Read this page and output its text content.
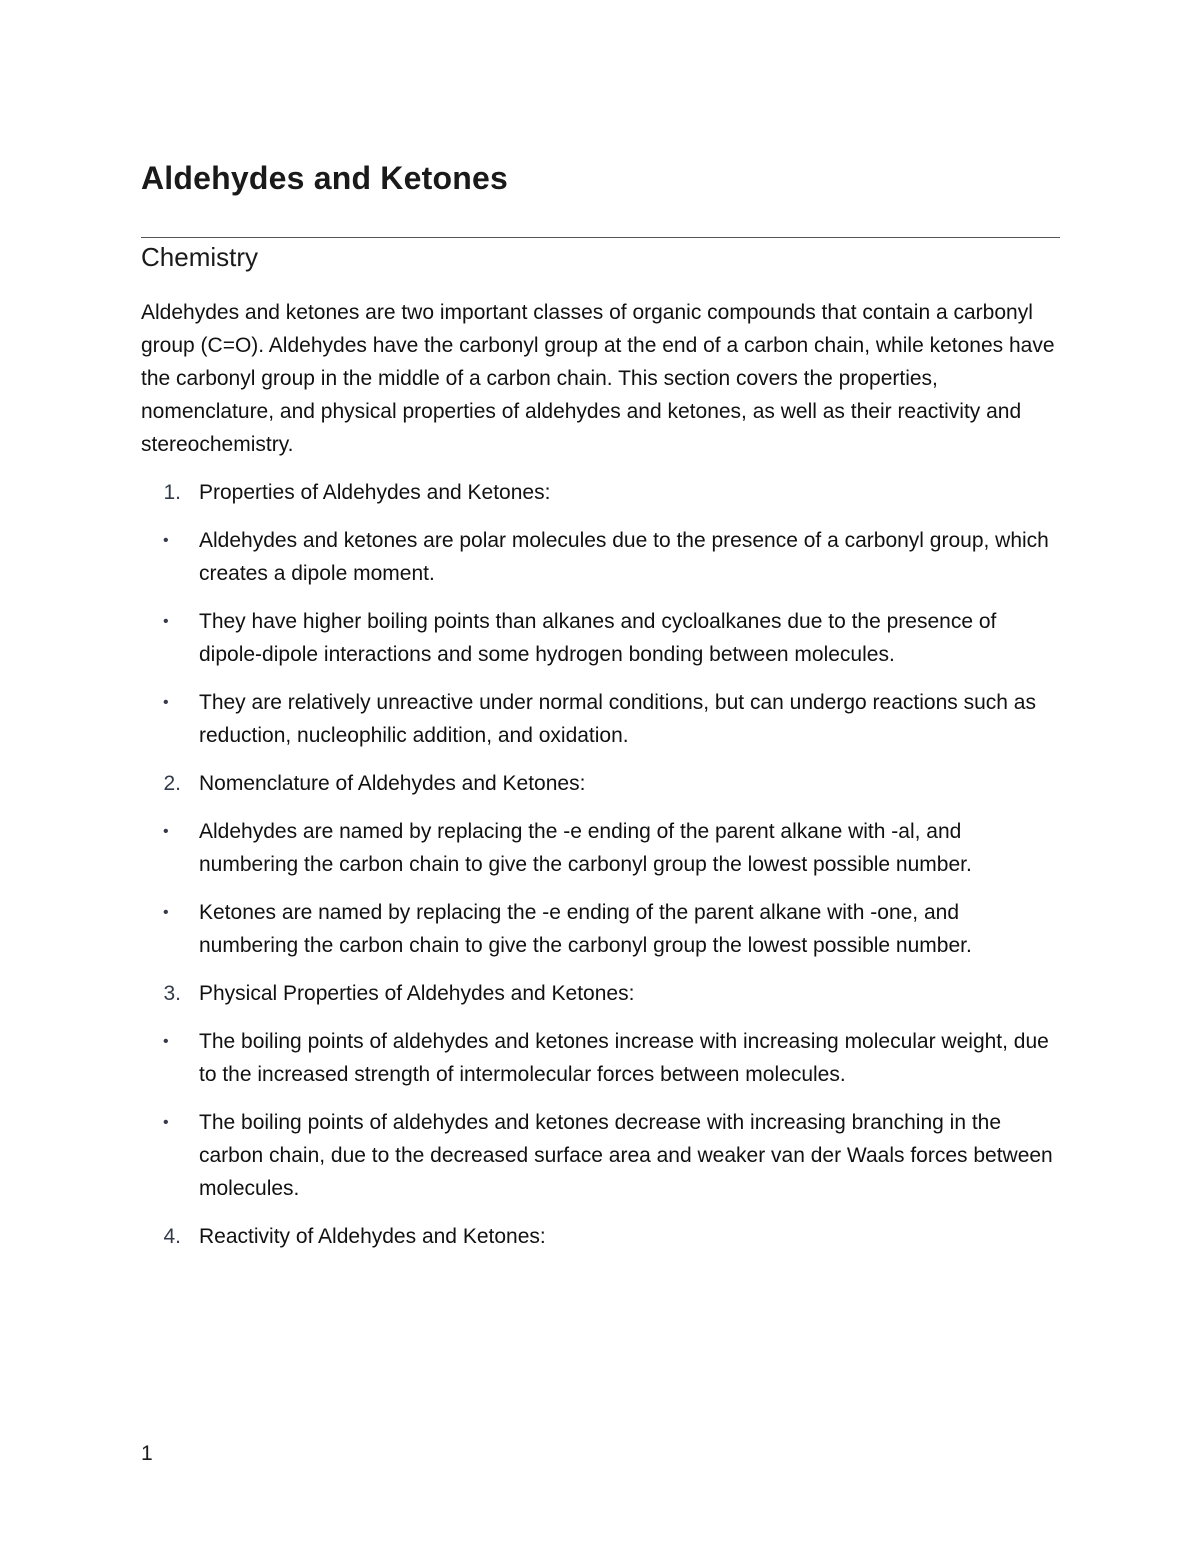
Aldehydes and Ketones
Chemistry

Aldehydes and ketones are two important classes of organic compounds that contain a carbonyl group (C=O). Aldehydes have the carbonyl group at the end of a carbon chain, while ketones have the carbonyl group in the middle of a carbon chain. This section covers the properties, nomenclature, and physical properties of aldehydes and ketones, as well as their reactivity and stereochemistry.

1. Properties of Aldehydes and Ketones:
• Aldehydes and ketones are polar molecules due to the presence of a carbonyl group, which creates a dipole moment.
• They have higher boiling points than alkanes and cycloalkanes due to the presence of dipole-dipole interactions and some hydrogen bonding between molecules.
• They are relatively unreactive under normal conditions, but can undergo reactions such as reduction, nucleophilic addition, and oxidation.
2. Nomenclature of Aldehydes and Ketones:
• Aldehydes are named by replacing the -e ending of the parent alkane with -al, and numbering the carbon chain to give the carbonyl group the lowest possible number.
• Ketones are named by replacing the -e ending of the parent alkane with -one, and numbering the carbon chain to give the carbonyl group the lowest possible number.
3. Physical Properties of Aldehydes and Ketones:
• The boiling points of aldehydes and ketones increase with increasing molecular weight, due to the increased strength of intermolecular forces between molecules.
• The boiling points of aldehydes and ketones decrease with increasing branching in the carbon chain, due to the decreased surface area and weaker van der Waals forces between molecules.
4. Reactivity of Aldehydes and Ketones:
1
